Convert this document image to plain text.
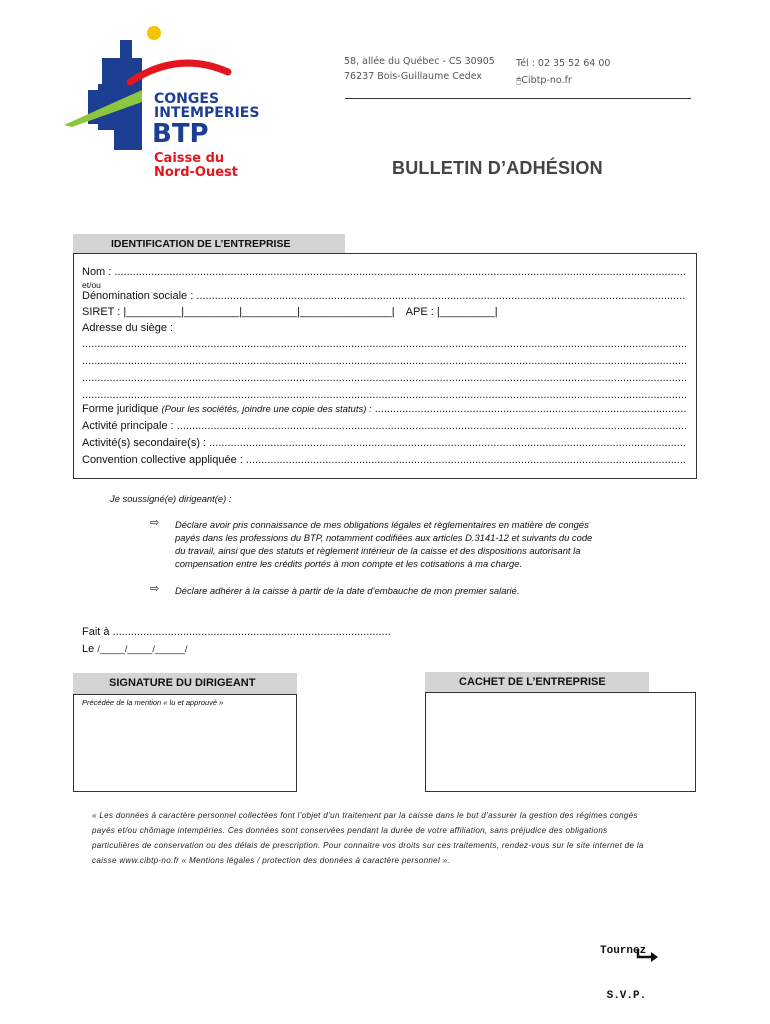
CONGES
INTEMPERIES
BTP
Caisse du
Nord-Ouest
58, allée du Québec - CS 30905
76237 Bois-Guillaume Cedex
Tél : 02 35 52 64 00
🖰Cibtp-no.fr
BULLETIN D’ADHÉSION
IDENTIFICATION DE L’ENTREPRISE
Nom : .....
et/ou
Dénomination sociale : .....
SIRET : |_________|_________|_________|_______________| APE : |_________|
Adresse du siège :
.....
.....
.....
.....
Forme juridique (Pour les sociétés, joindre une copie des statuts) : .....
Activité principale : .....
Activité(s) secondaire(s) : .....
Convention collective appliquée : .....
Je soussigné(e) dirigeant(e) :
⇨ Déclare avoir pris connaissance de mes obligations légales et règlementaires en matière de congés
payés dans les professions du BTP, notamment codifiées aux articles D.3141-12 et suivants du code
du travail, ainsi que des statuts et règlement intérieur de la caisse et des dispositions autorisant la
compensation entre les crédits portés à mon compte et les cotisations à ma charge.
⇨ Déclare adhérer à la caisse à partir de la date d’embauche de mon premier salarié.
Fait à ...........................................................................................
Le /_____/_____/______/
SIGNATURE DU DIRIGEANT
Précédée de la mention « lu et approuvé »
CACHET DE L’ENTREPRISE
« Les données à caractère personnel collectées font l’objet d’un traitement par la caisse dans le but d’assurer la gestion des régimes congés
payés et/ou chômage intempéries. Ces données sont conservées pendant la durée de votre affiliation, sans préjudice des obligations
particulières de conservation ou des délais de prescription. Pour connaitre vos droits sur ces traitements, rendez-vous sur le site internet de la
caisse www.cibtp-no.fr « Mentions légales / protection des données à caractère personnel ».

Tournez

S.V.P.
